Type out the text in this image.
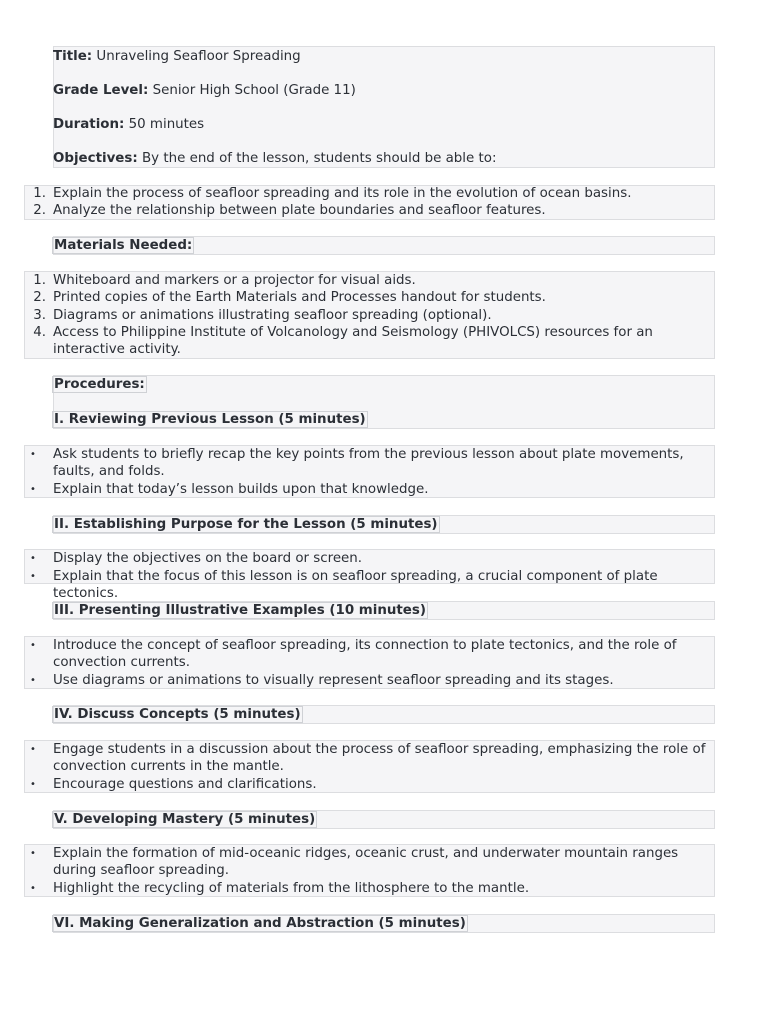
Title: Unraveling Seafloor Spreading
Grade Level: Senior High School (Grade 11)
Duration: 50 minutes
Objectives: By the end of the lesson, students should be able to:
1. Explain the process of seafloor spreading and its role in the evolution of ocean basins.
2. Analyze the relationship between plate boundaries and seafloor features.
Materials Needed:
1. Whiteboard and markers or a projector for visual aids.
2. Printed copies of the Earth Materials and Processes handout for students.
3. Diagrams or animations illustrating seafloor spreading (optional).
4. Access to Philippine Institute of Volcanology and Seismology (PHIVOLCS) resources for an interactive activity.
Procedures:
I. Reviewing Previous Lesson (5 minutes)
• Ask students to briefly recap the key points from the previous lesson about plate movements, faults, and folds.
• Explain that today’s lesson builds upon that knowledge.
II. Establishing Purpose for the Lesson (5 minutes)
• Display the objectives on the board or screen.
• Explain that the focus of this lesson is on seafloor spreading, a crucial component of plate tectonics.
III. Presenting Illustrative Examples (10 minutes)
• Introduce the concept of seafloor spreading, its connection to plate tectonics, and the role of convection currents.
• Use diagrams or animations to visually represent seafloor spreading and its stages.
IV. Discuss Concepts (5 minutes)
• Engage students in a discussion about the process of seafloor spreading, emphasizing the role of convection currents in the mantle.
• Encourage questions and clarifications.
V. Developing Mastery (5 minutes)
• Explain the formation of mid-oceanic ridges, oceanic crust, and underwater mountain ranges during seafloor spreading.
• Highlight the recycling of materials from the lithosphere to the mantle.
VI. Making Generalization and Abstraction (5 minutes)
